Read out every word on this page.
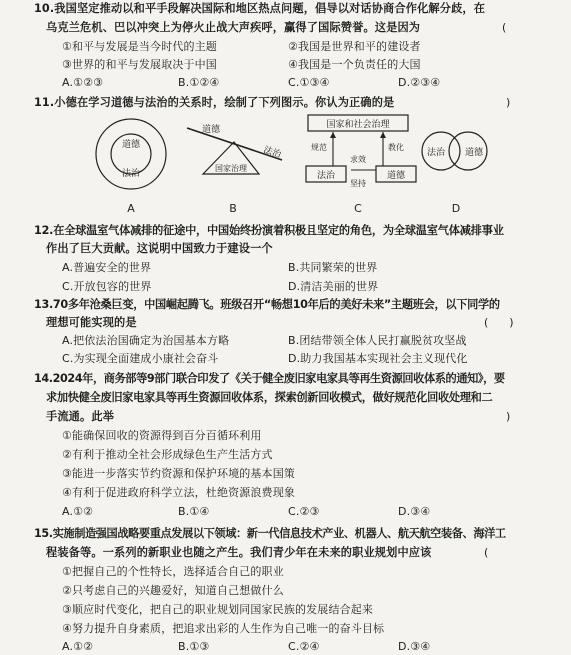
10.我国坚定推动以和平手段解决国际和地区热点问题，倡导以对话协商合作化解分歧，在
乌克兰危机、巴以冲突上为停火止战大声疾呼，赢得了国际赞誉。这是因为	(
①和平与发展是当今时代的主题	②我国是世界和平的建设者
③世界的和平与发展取决于中国	④我国是一个负责任的大国
A.①②③	B.①②④	C.①③④	D.②③④
11.小德在学习道德与法治的关系时，绘制了下列图示。你认为正确的是	)
道德
法治
道德
法治
国家治理
国家和社会治理
规范	教化
求效
坚持
法治	道德
法治 道德
A	B	C	D
12.在全球温室气体减排的征途中，中国始终扮演着积极且坚定的角色，为全球温室气体减排事业
作出了巨大贡献。这说明中国致力于建设一个
A.普遍安全的世界	B.共同繁荣的世界
C.开放包容的世界	D.清洁美丽的世界
13.70多年沧桑巨变，中国崛起腾飞。班级召开“畅想10年后的美好未来”主题班会，以下同学的
理想可能实现的是	(      )
A.把依法治国确定为治国基本方略	B.团结带领全体人民打赢脱贫攻坚战
C.为实现全面建成小康社会奋斗	D.助力我国基本实现社会主义现代化
14.2024年，商务部等9部门联合印发了《关于健全废旧家电家具等再生资源回收体系的通知》，要
求加快健全废旧家电家具等再生资源回收体系，探索创新回收模式，做好规范化回收处理和二
手流通。此举	)
①能确保回收的资源得到百分百循环利用
②有利于推动全社会形成绿色生产生活方式
③能进一步落实节约资源和保护环境的基本国策
④有利于促进政府科学立法，杜绝资源浪费现象
A.①②	B.①④	C.②③	D.③④
15.实施制造强国战略要重点发展以下领域：新一代信息技术产业、机器人、航天航空装备、海洋工
程装备等。一系列的新职业也随之产生。我们青少年在未来的职业规划中应该	(
①把握自己的个性特长，选择适合自己的职业
②只考虑自己的兴趣爱好，知道自己想做什么
③顺应时代变化，把自己的职业规划同国家民族的发展结合起来
④努力提升自身素质，把追求出彩的人生作为自己唯一的奋斗目标
A.①②	B.①③	C.②④	D.③④
